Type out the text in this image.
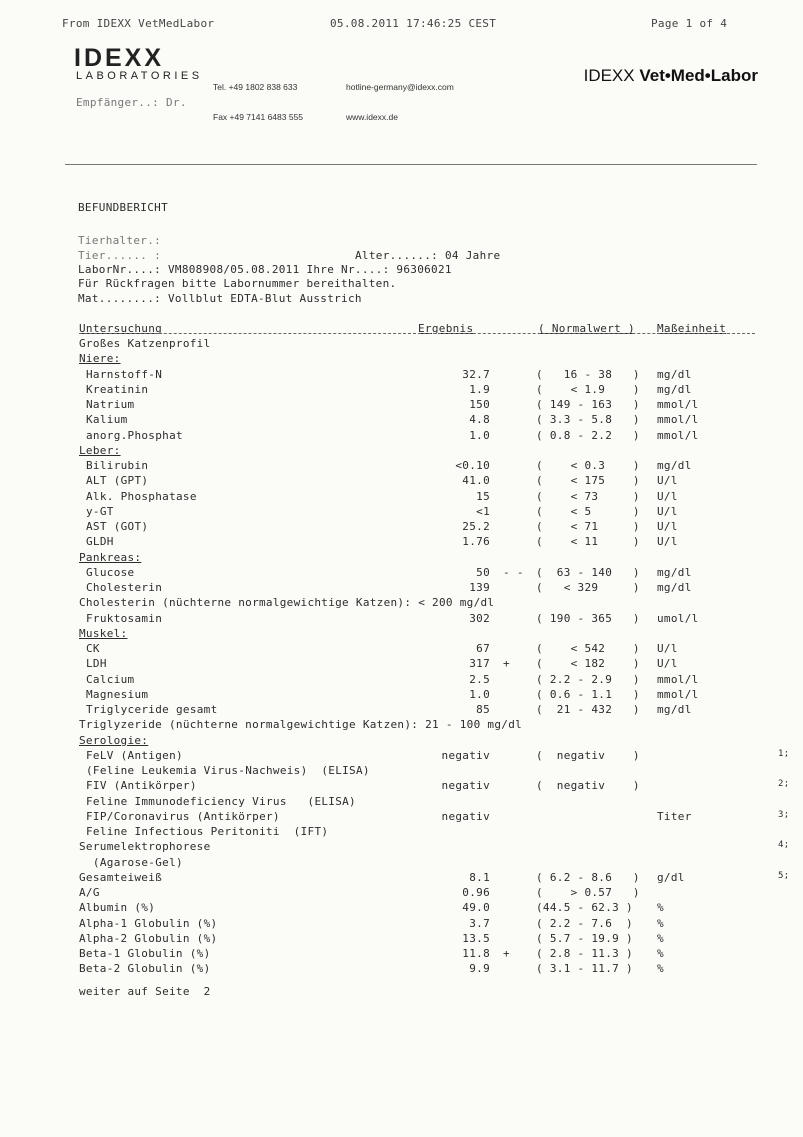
From IDEXX VetMedLabor	05.08.2011 17:46:25 CEST	Page 1 of 4
IDEXX
LABORATORIES

Tel. +49 1802 838 633

Fax +49 7141 6483 555

hotline-germany@idexx.com

www.idexx.de

IDEXX Vet•Med•Labor
Empfänger..: Dr.
BEFUNDBERICHT
Tierhalter.:
Tier...... :	Alter......: 04 Jahre
LaborNr....: VM808908/05.08.2011 Ihre Nr....: 96306021
Für Rückfragen bitte Labornummer bereithalten.
Mat........: Vollblut EDTA-Blut Ausstrich
Untersuchung	Ergebnis	( Normalwert ) Maßeinheit
Großes Katzenprofil
Niere:
Harnstoff-N	32.7	(   16 - 38   ) mg/dl
Kreatinin	1.9	(    < 1.9    ) mg/dl
Natrium	150	( 149 - 163   ) mmol/l
Kalium	4.8	( 3.3 - 5.8   ) mmol/l
anorg.Phosphat	1.0	( 0.8 - 2.2   ) mmol/l
Leber:
Bilirubin	<0.10	(    < 0.3    ) mg/dl
ALT (GPT)	41.0	(    < 175    ) U/l
Alk. Phosphatase	15	(    < 73     ) U/l
y-GT	<1	(    < 5      ) U/l
AST (GOT)	25.2	(    < 71     ) U/l
GLDH	1.76	(    < 11     ) U/l
Pankreas:
Glucose	50 - - (  63 - 140   ) mg/dl
Cholesterin	139	(   < 329     ) mg/dl
Cholesterin (nüchterne normalgewichtige Katzen): < 200 mg/dl
Fruktosamin	302	( 190 - 365   ) umol/l
Muskel:
CK	67	(    < 542    ) U/l
LDH	317 + (    < 182    ) U/l
Calcium	2.5	( 2.2 - 2.9   ) mmol/l
Magnesium	1.0	( 0.6 - 1.1   ) mmol/l
Triglyceride gesamt	85	(  21 - 432   ) mg/dl
Triglyzeride (nüchterne normalgewichtige Katzen): 21 - 100 mg/dl
Serologie:
FeLV (Antigen)	negativ	(  negativ    )	1;
(Feline Leukemia Virus-Nachweis)  (ELISA)
FIV (Antikörper)	negativ	(  negativ    )	2;
Feline Immunodeficiency Virus   (ELISA)
FIP/Coronavirus (Antikörper)	negativ	Titer	3;
Feline Infectious Peritoniti  (IFT)
Serumelektrophorese	4;
(Agarose-Gel)
Gesamteiweiß	8.1	( 6.2 - 8.6   ) g/dl	5;
A/G	0.96	(    > 0.57   )
Albumin (%)	49.0	(44.5 - 62.3 ) %
Alpha-1 Globulin (%)	3.7	( 2.2 - 7.6  ) %
Alpha-2 Globulin (%)	13.5	( 5.7 - 19.9 ) %
Beta-1 Globulin (%)	11.8 + ( 2.8 - 11.3 ) %
Beta-2 Globulin (%)	9.9	( 3.1 - 11.7 ) %
weiter auf Seite  2
